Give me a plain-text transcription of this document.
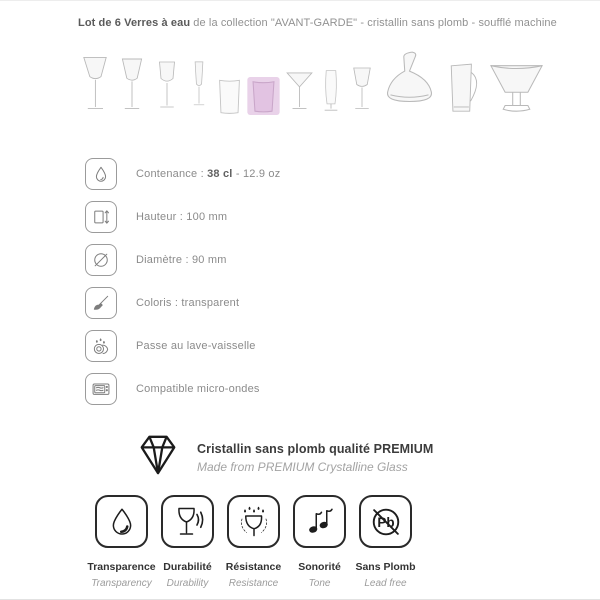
Lot de 6 Verres à eau de la collection "AVANT-GARDE" - cristallin sans plomb - soufflé machine
Contenance : 38 cl - 12.9 oz
Hauteur : 100 mm
Diamètre : 90 mm
Coloris : transparent
Passe au lave-vaisselle
Compatible micro-ondes
Cristallin sans plomb qualité PREMIUM
Made from PREMIUM Crystalline Glass
Transparence
Transparency
Durabilité
Durability
Résistance
Resistance
Sonorité
Tone
Pb
Sans Plomb
Lead free
